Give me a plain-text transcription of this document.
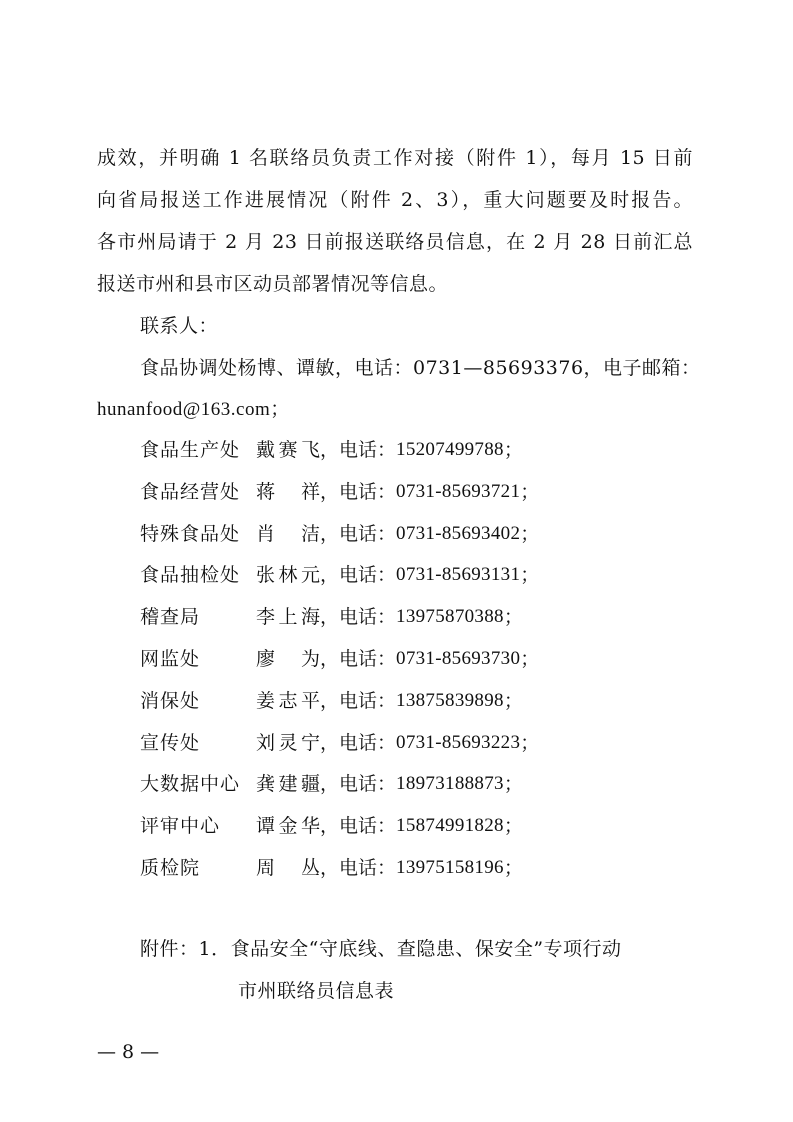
成效，并明确 1 名联络员负责工作对接（附件 1），每月 15 日前
向省局报送工作进展情况（附件 2、3），重大问题要及时报告。
各市州局请于 2 月 23 日前报送联络员信息，在 2 月 28 日前汇总
报送市州和县市区动员部署情况等信息。
联系人：
食品协调处杨博、谭敏，电话：0731—85693376，电子邮箱：
hunanfood@163.com；
食品生产处 戴赛飞，电话：15207499788；
食品经营处 蒋祥，电话：0731-85693721；
特殊食品处 肖洁，电话：0731-85693402；
食品抽检处 张林元，电话：0731-85693131；
稽查局	李上海，电话：13975870388；
网监处	廖为，电话：0731-85693730；
消保处	姜志平，电话：13875839898；
宣传处	刘灵宁，电话：0731-85693223；
大数据中心 龚建疆，电话：18973188873；
评审中心 谭金华，电话：15874991828；
质检院	周丛，电话：13975158196；
附件：1．食品安全“守底线、查隐患、保安全”专项行动
市州联络员信息表
— 8 —
